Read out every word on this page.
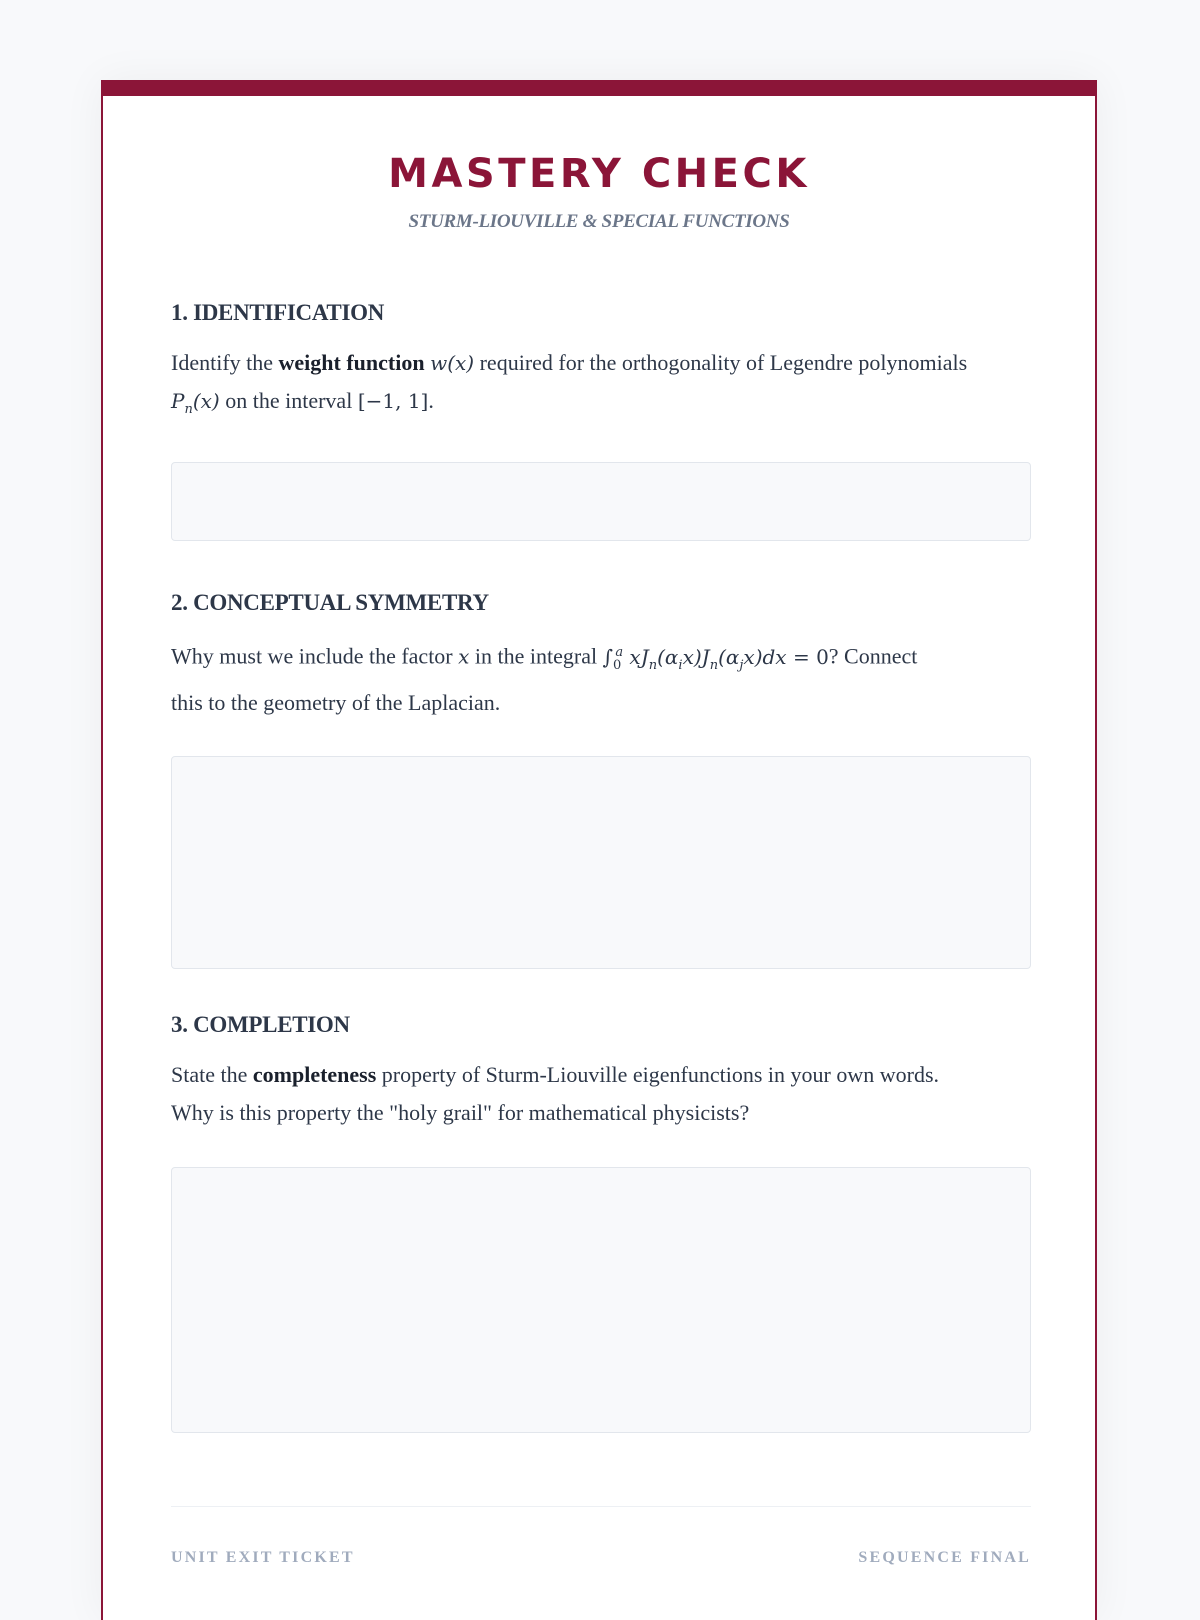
MASTERY CHECK
STURM-LIOUVILLE & SPECIAL FUNCTIONS
1. IDENTIFICATION

Identify the weight function w(x) required for the orthogonality of Legendre polynomials
$P_n(x)$ on the interval [−1, 1].

2. CONCEPTUAL SYMMETRY

Why must we include the factor x in the integral $\int_0^a$ $xJ_n(\alpha_ix)J_n(\alpha_jx)dx = 0$? Connect
this to the geometry of the Laplacian.

3. COMPLETION

State the completeness property of Sturm-Liouville eigenfunctions in your own words.
Why is this property the "holy grail" for mathematical physicists?

UNIT EXIT TICKET	SEQUENCE FINAL
